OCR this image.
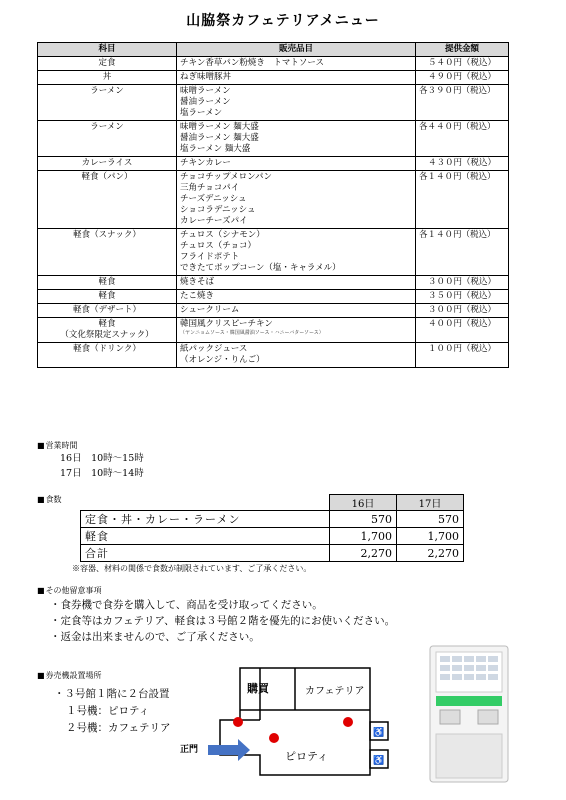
山脇祭カフェテリアメニュー
科目	販売品目	提供金額

定食	チキン香草パン粉焼き　トマトソース	５４０円（税込）

丼	ねぎ味噌豚丼	４９０円（税込）

ラーメン	味噌ラーメン
醤油ラーメン
塩ラーメン	各３９０円（税込）

ラーメン	味噌ラーメン 麺大盛
醤油ラーメン 麺大盛
塩ラーメン 麺大盛	各４４０円（税込）

カレーライス	チキンカレー	４３０円（税込）

軽食（パン）	チョコチップメロンパン
三角チョコパイ
チーズデニッシュ
ショコラデニッシュ
カレーチーズパイ	各１４０円（税込）

軽食（スナック）	チュロス（シナモン）
チュロス（チョコ）
フライドポテト
できたてポップコーン（塩・キャラメル）	各１４０円（税込）

軽食	焼きそば	３００円（税込）

軽食	たこ焼き	３５０円（税込）

軽食（デザート）	シュークリーム	３００円（税込）

軽食
（文化祭限定スナック）	韓国風クリスピーチキン
（ヤンニョムソース・韓国風醤油ソース・ハニーバターソース）	４００円（税込）

軽食（ドリンク）	紙パックジュース
（オレンジ・りんご）	１００円（税込）
■ 営業時間
16日　10時～15時
17日　10時～14時
■ 食数
		16日	17日
定食・丼・カレー・ラーメン	570	570
軽食	1,700	1,700
合計	2,270	2,270
※容器、材料の関係で食数が制限されています、ご了承ください。
■ その他留意事項
・ 食券機で食券を購入して、商品を受け取ってください。
・ 定食等はカフェテリア、軽食は３号館２階を優先的にお使いください。
・ 返金は出来ませんので、ご了承ください。
■ 券売機設置場所
・３号館１階に２台設置
１号機：ピロティ
２号機：カフェテリア
購買	カフェテリア
正門	ピロティ
♿
♿
